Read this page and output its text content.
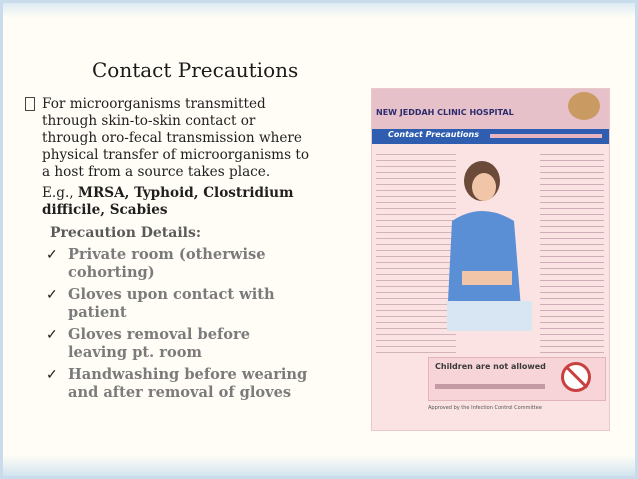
Contact Precautions
For microorganisms transmitted through skin-to-skin contact or through oro-fecal transmission where physical transfer of microorganisms to a host from a source takes place.
E.g., MRSA, Typhoid, Clostridium difficile, Scabies
Precaution Details:
✓ Private room (otherwise cohorting)
✓ Gloves upon contact with patient
✓ Gloves removal before leaving pt. room
✓ Handwashing before wearing and after removal of gloves
NEW JEDDAH CLINIC HOSPITAL
Contact Precautions
Children are not allowed
Approved by the Infection Control Committee
